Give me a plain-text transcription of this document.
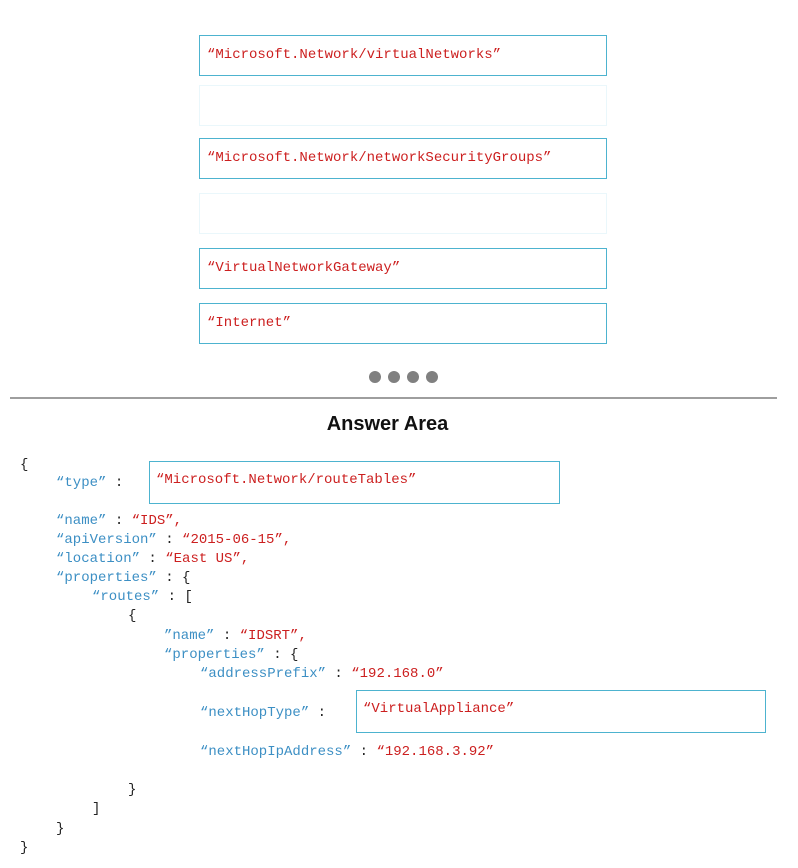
“Microsoft.Network/virtualNetworks”
“Microsoft.Network/networkSecurityGroups”
“VirtualNetworkGateway”
“Internet”
Answer Area
{
“type” :	“Microsoft.Network/routeTables”
“name” : “IDS”,
“apiVersion” : “2015-06-15”,
“location” : “East US”,
“properties” : {
“routes” : [
{
”name” : “IDSRT”,
“properties” : {
“addressPrefix” : “192.168.0”
“nextHopType” :	“VirtualAppliance”
“nextHopIpAddress” : “192.168.3.92”
}
]
}
}
